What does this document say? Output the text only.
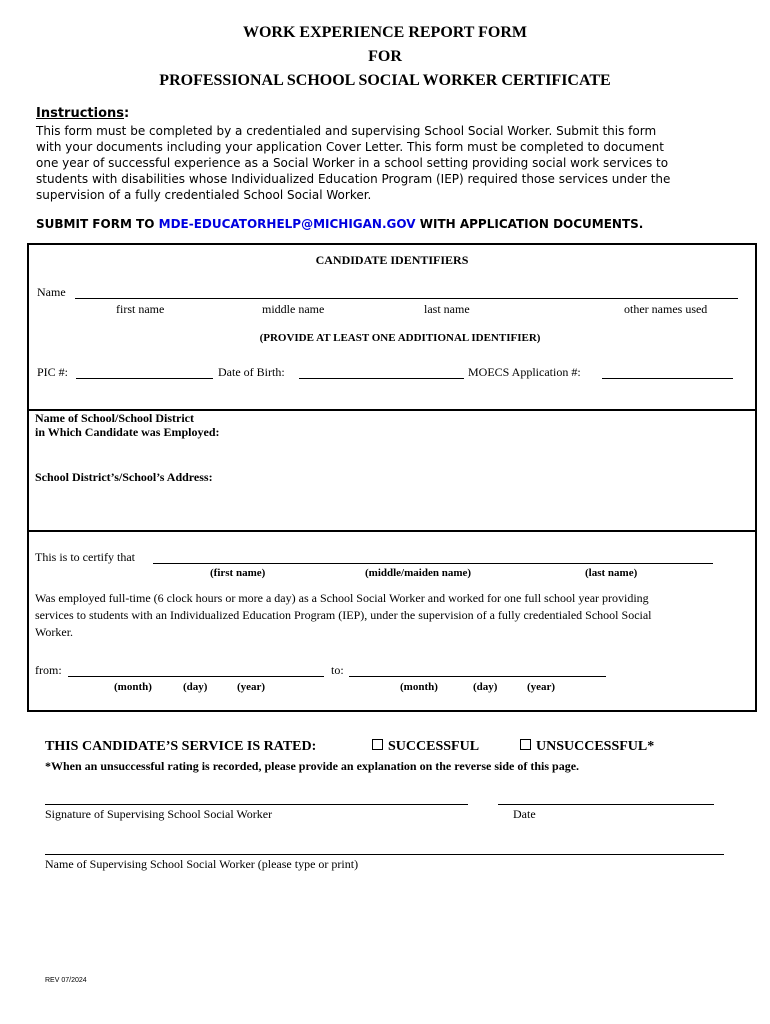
WORK EXPERIENCE REPORT FORM
FOR
PROFESSIONAL SCHOOL SOCIAL WORKER CERTIFICATE
Instructions:
This form must be completed by a credentialed and supervising School Social Worker. Submit this form
with your documents including your application Cover Letter. This form must be completed to document
one year of successful experience as a Social Worker in a school setting providing social work services to
students with disabilities whose Individualized Education Program (IEP) required those services under the
supervision of a fully credentialed School Social Worker.
SUBMIT FORM TO MDE-EDUCATORHELP@MICHIGAN.GOV WITH APPLICATION DOCUMENTS.
CANDIDATE IDENTIFIERS
Name
first name	middle name	last name	other names used
(PROVIDE AT LEAST ONE ADDITIONAL IDENTIFIER)
PIC #:	Date of Birth:	MOECS Application #:
Name of School/School District
in Which Candidate was Employed:
School District’s/School’s Address:
This is to certify that
(first name)	(middle/maiden name)	(last name)
Was employed full-time (6 clock hours or more a day) as a School Social Worker and worked for one full school year providing
services to students with an Individualized Education Program (IEP), under the supervision of a fully credentialed School Social
Worker.
from:	to:
(month)	(day)	(year)	(month)	(day)	(year)
THIS CANDIDATE’S SERVICE IS RATED:	SUCCESSFUL	UNSUCCESSFUL*
*When an unsuccessful rating is recorded, please provide an explanation on the reverse side of this page.
Signature of Supervising School Social Worker	Date
Name of Supervising School Social Worker (please type or print)
REV 07/2024
